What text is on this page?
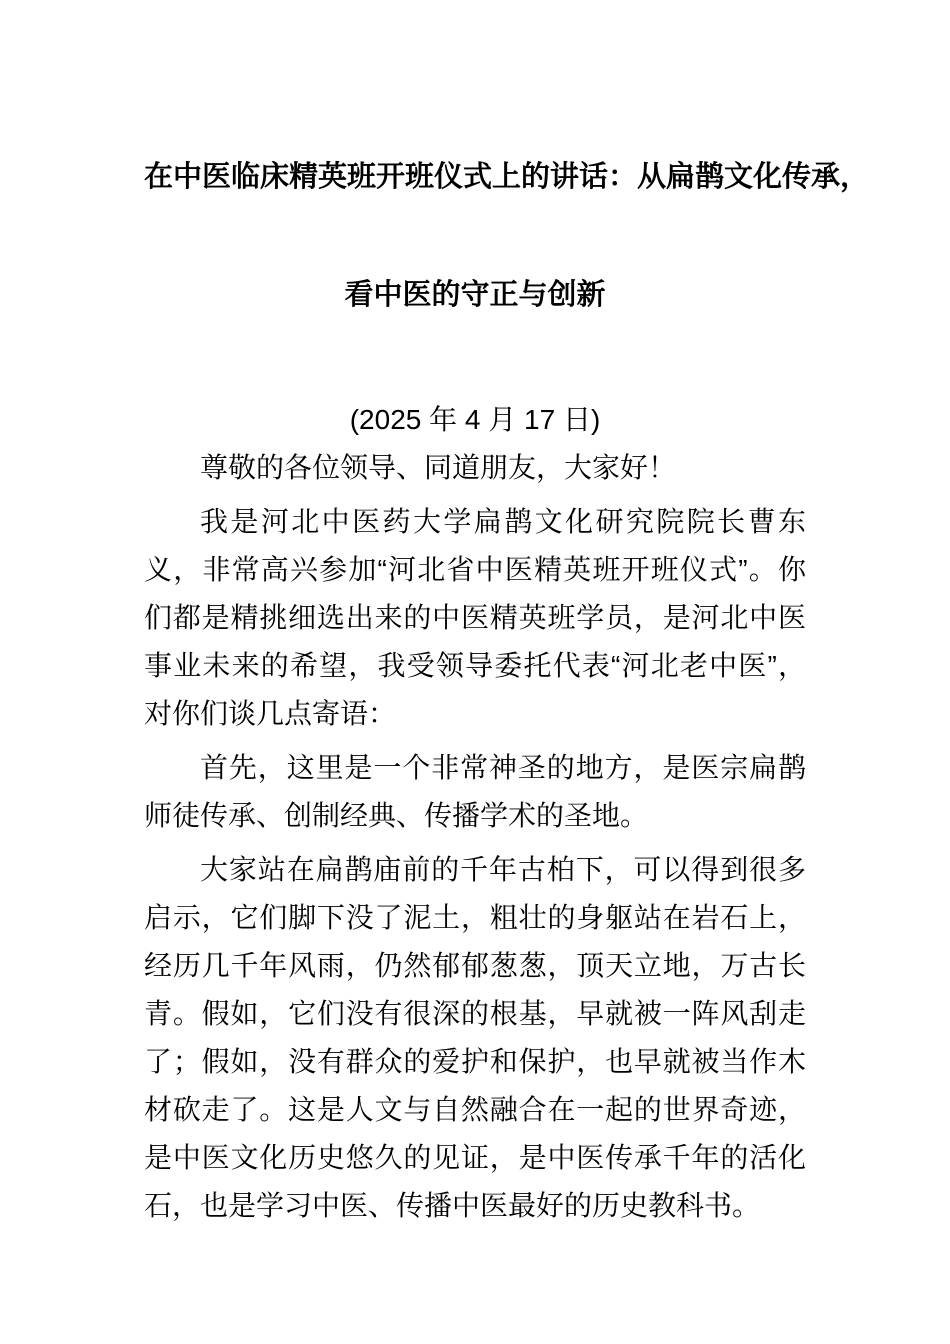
在中医临床精英班开班仪式上的讲话：从扁鹊文化传承，
看中医的守正与创新
(2025 年 4 月 17 日)

尊敬的各位领导、同道朋友，大家好！

我是河北中医药大学扁鹊文化研究院院长曹东义，非常高兴参加“河北省中医精英班开班仪式”。你们都是精挑细选出来的中医精英班学员，是河北中医事业未来的希望，我受领导委托代表“河北老中医”，对你们谈几点寄语：

首先，这里是一个非常神圣的地方，是医宗扁鹊师徒传承、创制经典、传播学术的圣地。

大家站在扁鹊庙前的千年古柏下，可以得到很多启示，它们脚下没了泥土，粗壮的身躯站在岩石上，经历几千年风雨，仍然郁郁葱葱，顶天立地，万古长青。假如，它们没有很深的根基，早就被一阵风刮走了；假如，没有群众的爱护和保护，也早就被当作木材砍走了。这是人文与自然融合在一起的世界奇迹，是中医文化历史悠久的见证，是中医传承千年的活化石，也是学习中医、传播中医最好的历史教科书。
